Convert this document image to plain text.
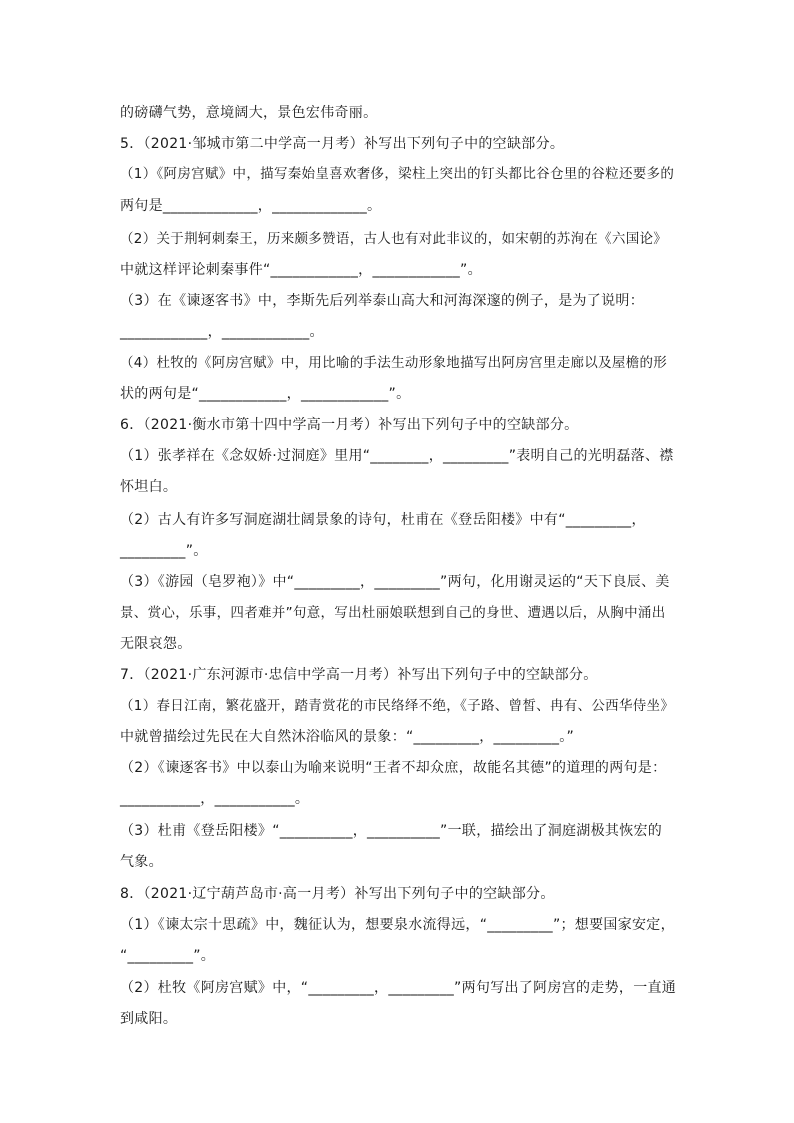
的磅礴气势，意境阔大，景色宏伟奇丽。
5．（2021·邹城市第二中学高一月考）补写出下列句子中的空缺部分。
（1）《阿房宫赋》中，描写秦始皇喜欢奢侈，梁柱上突出的钉头都比谷仓里的谷粒还要多的
两句是_____________，_____________。
（2）关于荆轲刺秦王，历来颇多赞语，古人也有对此非议的，如宋朝的苏洵在《六国论》
中就这样评论刺秦事件“____________，____________”。
（3）在《谏逐客书》中，李斯先后列举泰山高大和河海深邃的例子，是为了说明：
____________，____________。
（4）杜牧的《阿房宫赋》中，用比喻的手法生动形象地描写出阿房宫里走廊以及屋檐的形
状的两句是“____________，____________”。
6．（2021·衡水市第十四中学高一月考）补写出下列句子中的空缺部分。
（1）张孝祥在《念奴娇·过洞庭》里用“________，_________”表明自己的光明磊落、襟
怀坦白。
（2）古人有许多写洞庭湖壮阔景象的诗句，杜甫在《登岳阳楼》中有“_________，
_________”。
（3）《游园（皂罗袍）》中“_________，_________”两句，化用谢灵运的“天下良辰、美
景、赏心，乐事，四者难并”句意，写出杜丽娘联想到自己的身世、遭遇以后，从胸中涌出
无限哀怨。
7．（2021·广东河源市·忠信中学高一月考）补写出下列句子中的空缺部分。
（1）春日江南，繁花盛开，踏青赏花的市民络绎不绝，《子路、曾皙、冉有、公西华侍坐》
中就曾描绘过先民在大自然沐浴临风的景象：“_________，_________。”
（2）《谏逐客书》中以泰山为喻来说明“王者不却众庶，故能名其德”的道理的两句是：
___________，___________。
（3）杜甫《登岳阳楼》“__________，__________”一联，描绘出了洞庭湖极其恢宏的
气象。
8．（2021·辽宁葫芦岛市·高一月考）补写出下列句子中的空缺部分。
（1）《谏太宗十思疏》中，魏征认为，想要泉水流得远，“_________”；想要国家安定，
“_________”。
（2）杜牧《阿房宫赋》中，“_________，_________”两句写出了阿房宫的走势，一直通
到咸阳。
